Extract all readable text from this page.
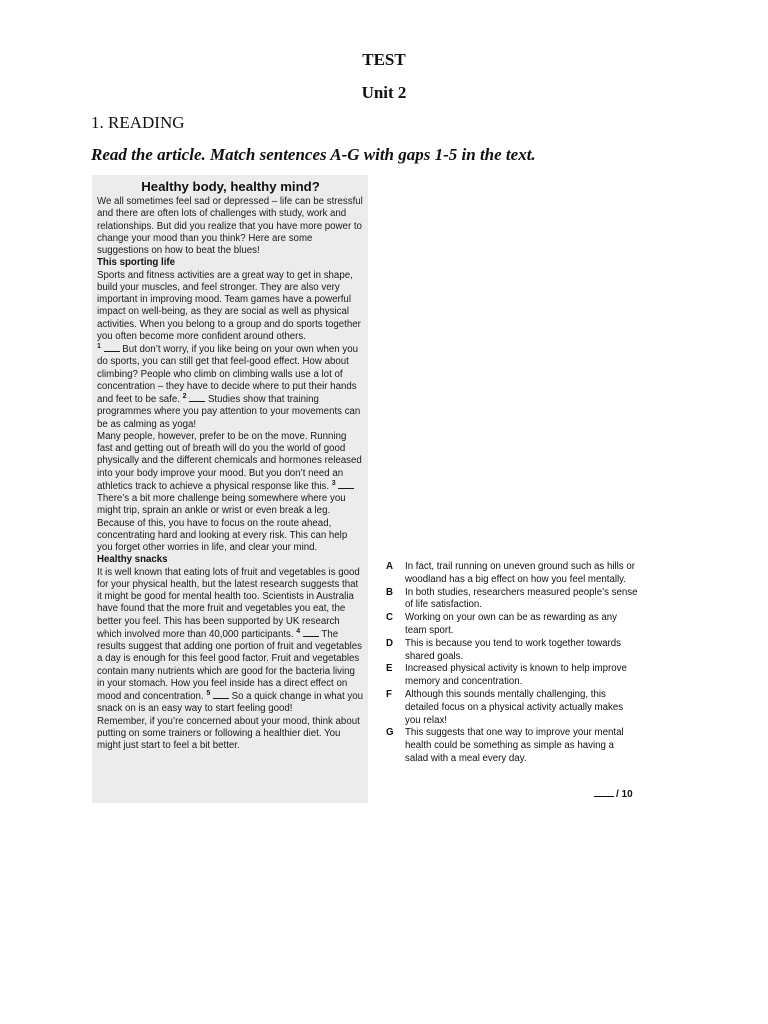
TEST
Unit 2
1. READING
Read the article. Match sentences A-G with gaps 1-5 in the text.
Healthy body, healthy mind?
We all sometimes feel sad or depressed – life can be stressful and there are often lots of challenges with study, work and relationships. But did you realize that you have more power to change your mood than you think? Here are some suggestions on how to beat the blues!
This sporting life
Sports and fitness activities are a great way to get in shape, build your muscles, and feel stronger. They are also very important in improving mood. Team games have a powerful impact on well-being, as they are social as well as physical activities. When you belong to a group and do sports together you often become more confident around others.
$^1$  But don’t worry, if you like being on your own when you do sports, you can still get that feel-good effect. How about climbing? People who climb on climbing walls use a lot of concentration – they have to decide where to put their hands and feet to be safe. $^2$  Studies show that training programmes where you pay attention to your movements can be as calming as yoga!
Many people, however, prefer to be on the move. Running fast and getting out of breath will do you the world of good physically and the different chemicals and hormones released into your body improve your mood. But you don’t need an athletics track to achieve a physical response like this. $^3$  There’s a bit more challenge being somewhere where you might trip, sprain an ankle or wrist or even break a leg. Because of this, you have to focus on the route ahead, concentrating hard and looking at every risk. This can help you forget other worries in life, and clear your mind.
Healthy snacks
It is well known that eating lots of fruit and vegetables is good for your physical health, but the latest research suggests that it might be good for mental health too. Scientists in Australia have found that the more fruit and vegetables you eat, the better you feel. This has been supported by UK research which involved more than 40,000 participants. $^4$  The results suggest that adding one portion of fruit and vegetables a day is enough for this feel good factor. Fruit and vegetables contain many nutrients which are good for the bacteria living in your stomach. How you feel inside has a direct effect on mood and concentration. $^5$  So a quick change in what you snack on is an easy way to start feeling good!
Remember, if you’re concerned about your mood, think about putting on some trainers or following a healthier diet. You might just start to feel a bit better.
A	In fact, trail running on uneven ground such as hills or woodland has a big effect on how you feel mentally.
B	In both studies, researchers measured people’s sense of life satisfaction.
C	Working on your own can be as rewarding as any team sport.
D	This is because you tend to work together towards shared goals.
E	Increased physical activity is known to help improve memory and concentration.
F	Although this sounds mentally challenging, this detailed focus on a physical activity actually makes you relax!
G	This suggests that one way to improve your mental health could be something as simple as having a salad with a meal every day.
/ 10
